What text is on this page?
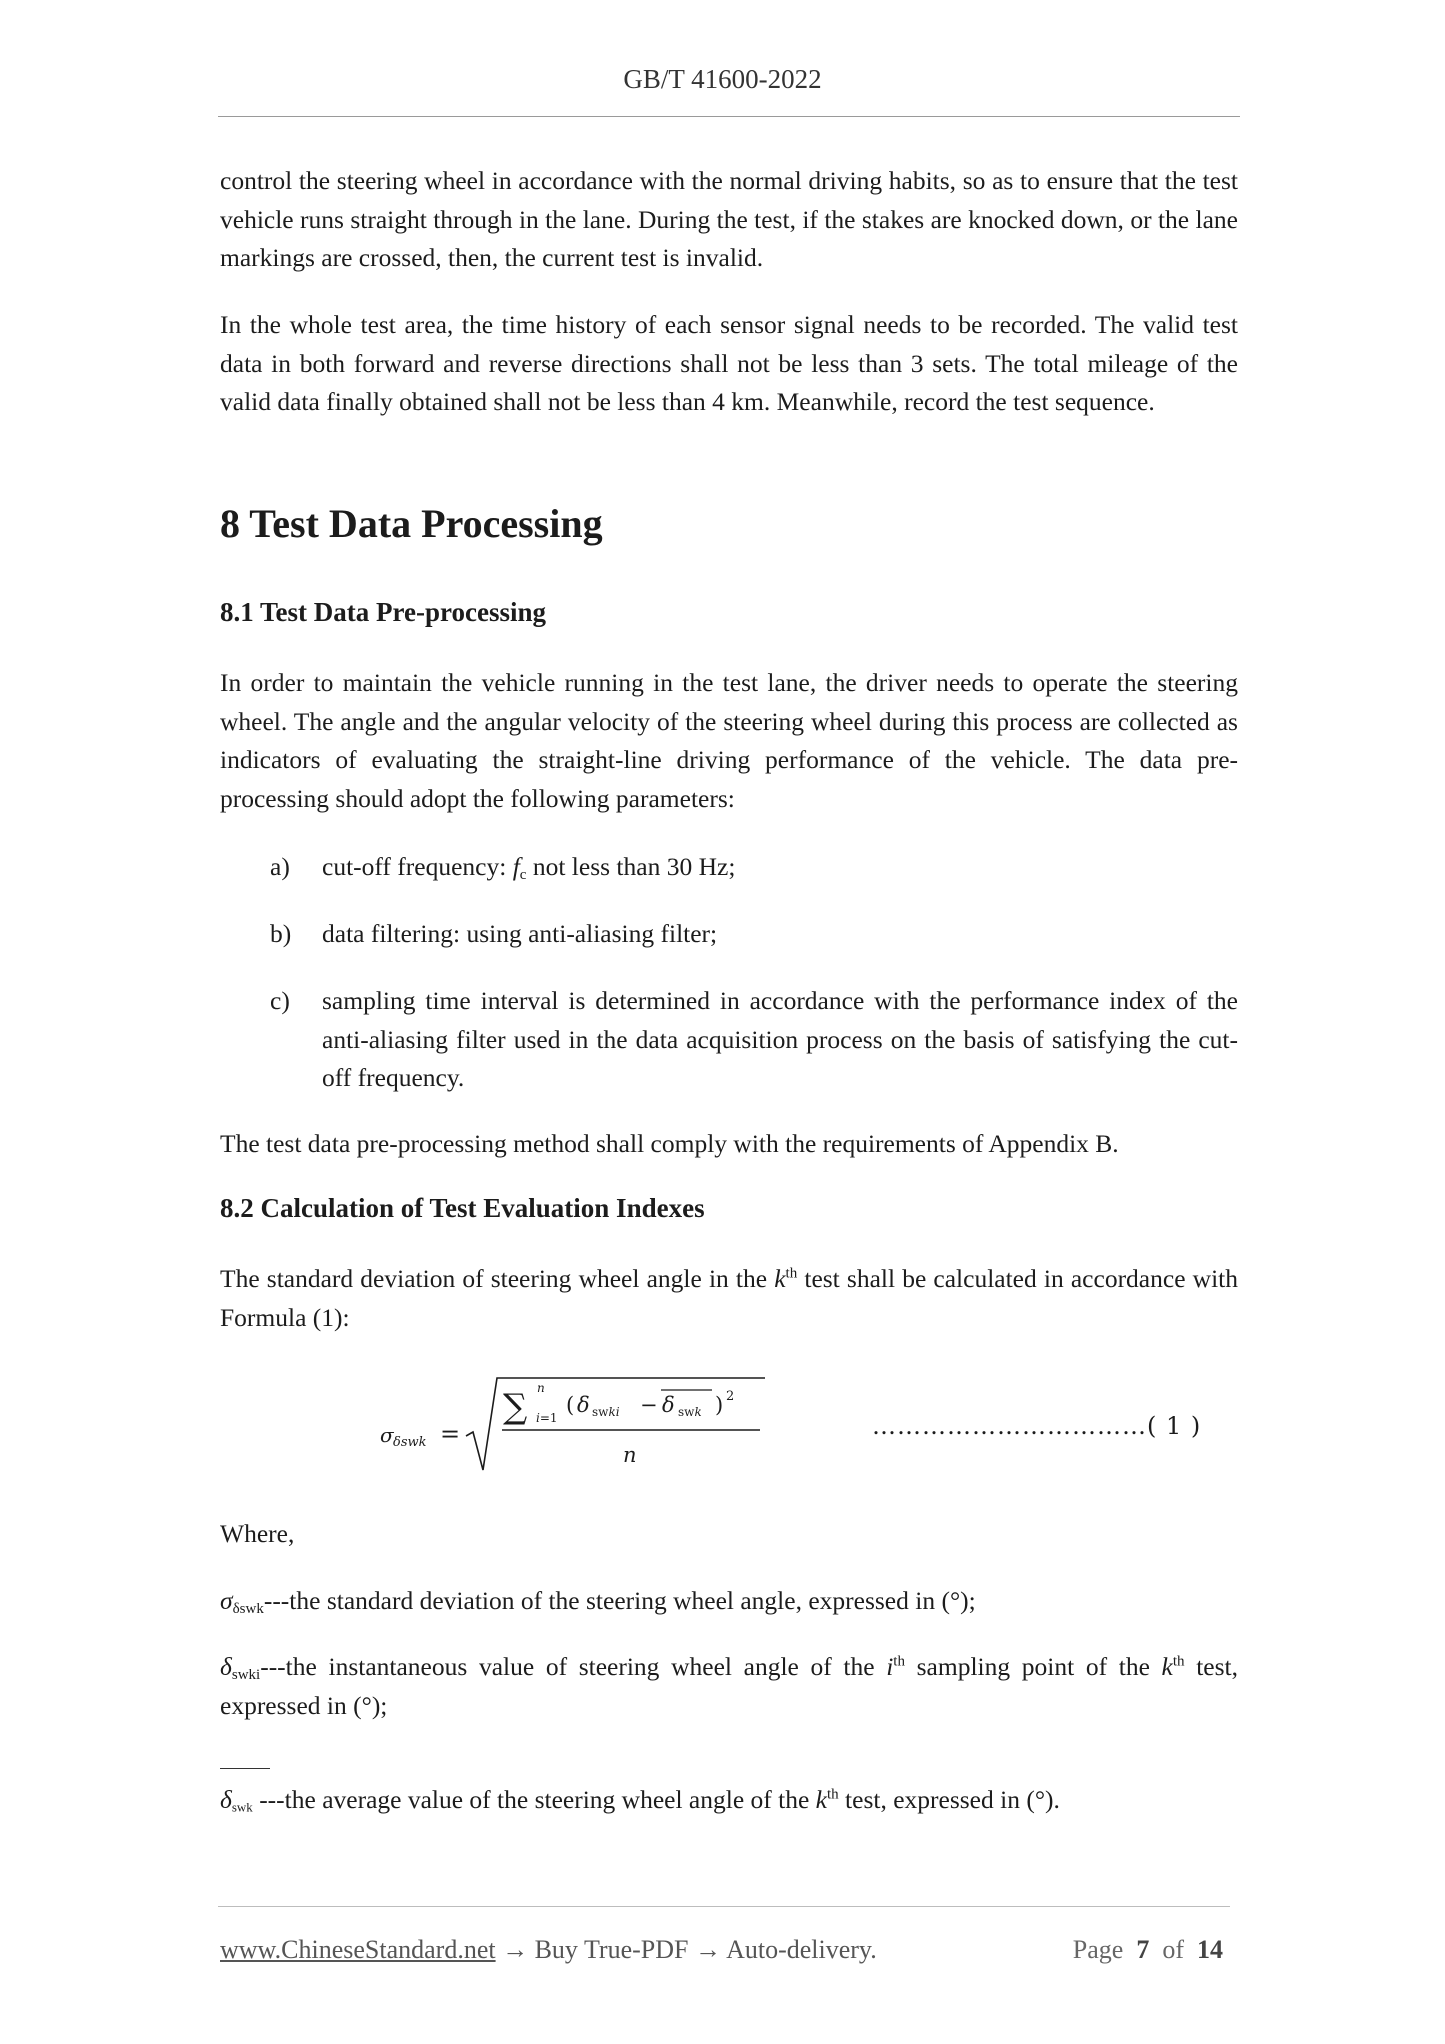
GB/T 41600-2022

control the steering wheel in accordance with the normal driving habits, so as to ensure that the test vehicle runs straight through in the lane. During the test, if the stakes are knocked down, or the lane markings are crossed, then, the current test is invalid.

In the whole test area, the time history of each sensor signal needs to be recorded. The valid test data in both forward and reverse directions shall not be less than 3 sets. The total mileage of the valid data finally obtained shall not be less than 4 km. Meanwhile, record the test sequence.

8 Test Data Processing
8.1 Test Data Pre-processing

In order to maintain the vehicle running in the test lane, the driver needs to operate the steering wheel. The angle and the angular velocity of the steering wheel during this process are collected as indicators of evaluating the straight-line driving performance of the vehicle. The data pre-processing should adopt the following parameters:

a) cut-off frequency: $f_c$ not less than 30 Hz;
b) data filtering: using anti-aliasing filter;
c) sampling time interval is determined in accordance with the performance index of the anti-aliasing filter used in the data acquisition process on the basis of satisfying the cut-off frequency.

The test data pre-processing method shall comply with the requirements of Appendix B.

8.2 Calculation of Test Evaluation Indexes

The standard deviation of steering wheel angle in the $k^{th}$ test shall be calculated in accordance with Formula (1):

σ δswk =
∑ n
i=1
( δ swki − δ swk ) 2
n
……………………………( 1 )

Where,

$\sigma_{\delta swk}--$-the standard deviation of the steering wheel angle, expressed in (°);

$\delta_{swki}--$-the instantaneous value of steering wheel angle of the $i^{th}$ sampling point of the $k^{th}$ test, expressed in (°);

$\delta_{swk}$ ---the average value of the steering wheel angle of the $k^{th}$ test, expressed in (°).

www.ChineseStandard.net → Buy True-PDF → Auto-delivery.	Page 7 of 14
